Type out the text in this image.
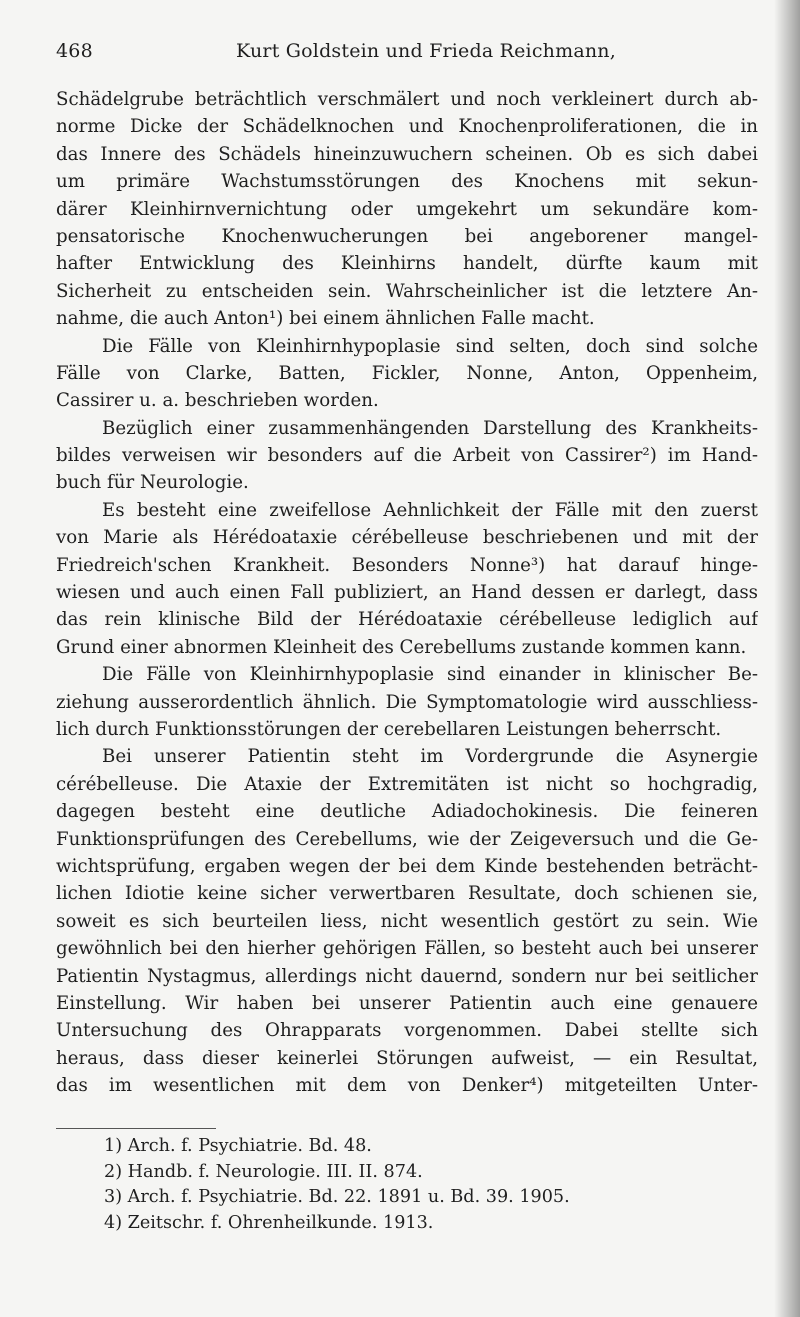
468	Kurt Goldstein und Frieda Reichmann,
Schädelgrube beträchtlich verschmälert und noch verkleinert durch ab-
norme Dicke der Schädelknochen und Knochenproliferationen, die in
das Innere des Schädels hineinzuwuchern scheinen. Ob es sich dabei
um primäre Wachstumsstörungen des Knochens mit sekun-
därer Kleinhirnvernichtung oder umgekehrt um sekundäre kom-
pensatorische Knochenwucherungen bei angeborener mangel-
hafter Entwicklung des Kleinhirns handelt, dürfte kaum mit
Sicherheit zu entscheiden sein. Wahrscheinlicher ist die letztere An-
nahme, die auch Anton¹) bei einem ähnlichen Falle macht.
Die Fälle von Kleinhirnhypoplasie sind selten, doch sind solche
Fälle von Clarke, Batten, Fickler, Nonne, Anton, Oppenheim,
Cassirer u. a. beschrieben worden.
Bezüglich einer zusammenhängenden Darstellung des Krankheits-
bildes verweisen wir besonders auf die Arbeit von Cassirer²) im Hand-
buch für Neurologie.
Es besteht eine zweifellose Aehnlichkeit der Fälle mit den zuerst
von Marie als Hérédoataxie cérébelleuse beschriebenen und mit der
Friedreich'schen Krankheit. Besonders Nonne³) hat darauf hinge-
wiesen und auch einen Fall publiziert, an Hand dessen er darlegt, dass
das rein klinische Bild der Hérédoataxie cérébelleuse lediglich auf
Grund einer abnormen Kleinheit des Cerebellums zustande kommen kann.
Die Fälle von Kleinhirnhypoplasie sind einander in klinischer Be-
ziehung ausserordentlich ähnlich. Die Symptomatologie wird ausschliess-
lich durch Funktionsstörungen der cerebellaren Leistungen beherrscht.
Bei unserer Patientin steht im Vordergrunde die Asynergie
cérébelleuse. Die Ataxie der Extremitäten ist nicht so hochgradig,
dagegen besteht eine deutliche Adiadochokinesis. Die feineren
Funktionsprüfungen des Cerebellums, wie der Zeigeversuch und die Ge-
wichtsprüfung, ergaben wegen der bei dem Kinde bestehenden beträcht-
lichen Idiotie keine sicher verwertbaren Resultate, doch schienen sie,
soweit es sich beurteilen liess, nicht wesentlich gestört zu sein. Wie
gewöhnlich bei den hierher gehörigen Fällen, so besteht auch bei unserer
Patientin Nystagmus, allerdings nicht dauernd, sondern nur bei seitlicher
Einstellung. Wir haben bei unserer Patientin auch eine genauere
Untersuchung des Ohrapparats vorgenommen. Dabei stellte sich
heraus, dass dieser keinerlei Störungen aufweist, — ein Resultat,
das im wesentlichen mit dem von Denker⁴) mitgeteilten Unter-
1) Arch. f. Psychiatrie. Bd. 48.
2) Handb. f. Neurologie. III. II. 874.
3) Arch. f. Psychiatrie. Bd. 22. 1891 u. Bd. 39. 1905.
4) Zeitschr. f. Ohrenheilkunde. 1913.
